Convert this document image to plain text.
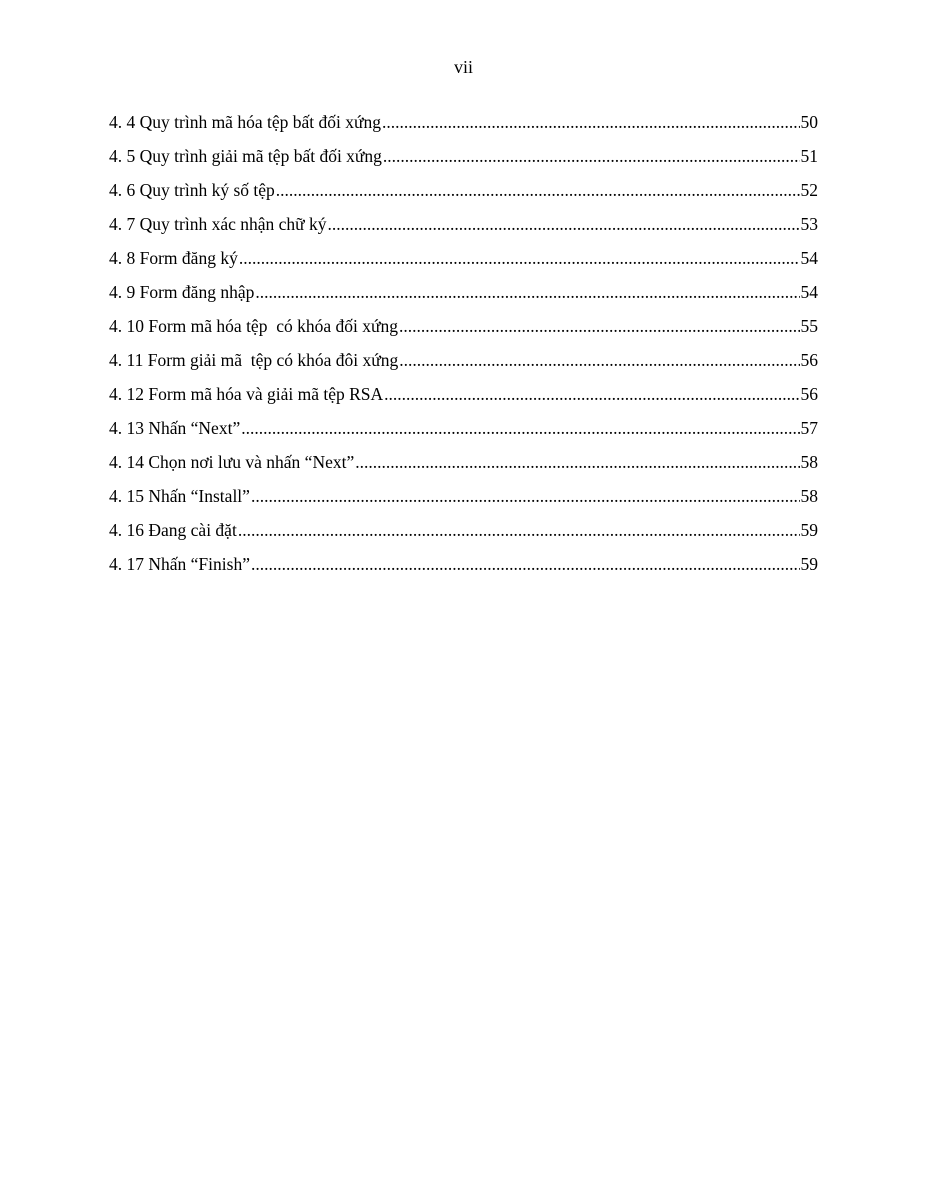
vii
4. 4 Quy trình mã hóa tệp bất đối xứng .....	50
4. 5 Quy trình giải mã tệp bất đối xứng .....	51
4. 6 Quy trình ký số tệp .....	52
4. 7 Quy trình xác nhận chữ ký .....	53
4. 8 Form đăng ký .....	54
4. 9 Form đăng nhập .....	54
4. 10 Form mã hóa tệp  có khóa đối xứng .....	55
4. 11 Form giải mã  tệp có khóa đôi xứng .....	56
4. 12 Form mã hóa và giải mã tệp RSA .....	56
4. 13 Nhấn “Next” .....	57
4. 14 Chọn nơi lưu và nhấn “Next” .....	58
4. 15 Nhấn “Install” .....	58
4. 16 Đang cài đặt .....	59
4. 17 Nhấn “Finish” .....	59
